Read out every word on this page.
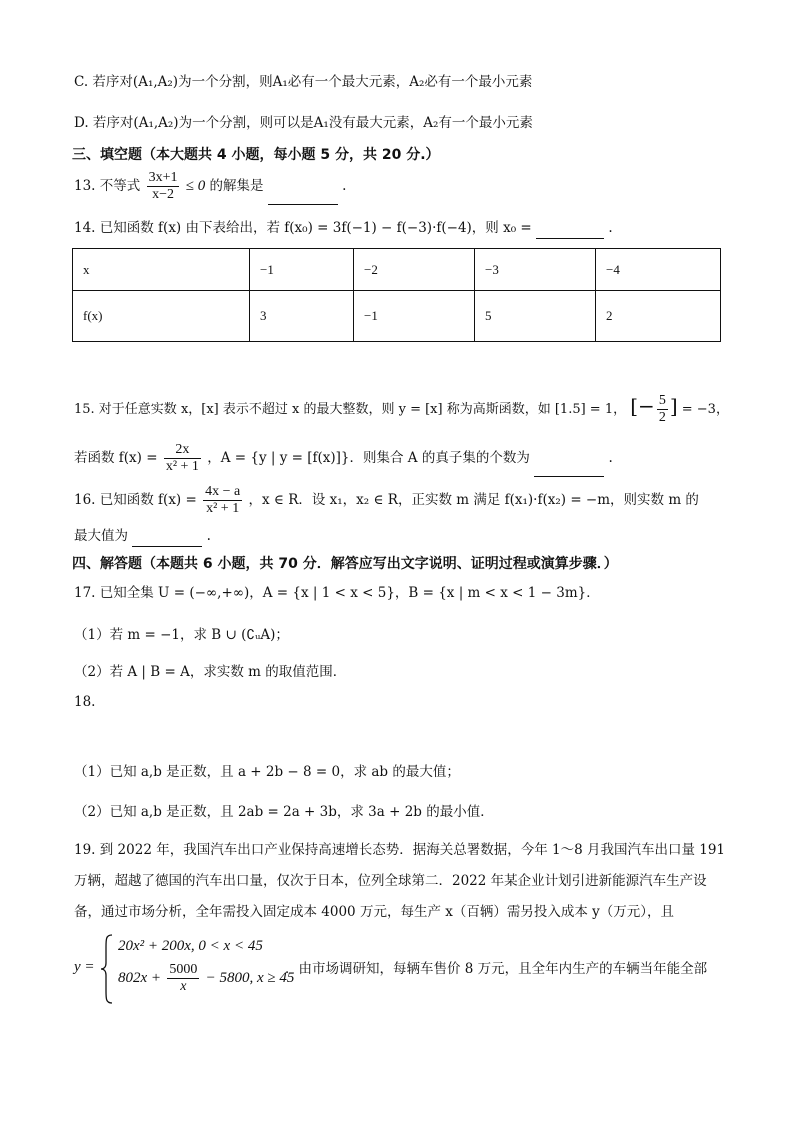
C. 若序对(A₁,A₂)为一个分割，则A₁必有一个最大元素，A₂必有一个最小元素
D. 若序对(A₁,A₂)为一个分割，则可以是A₁没有最大元素，A₂有一个最小元素
三、填空题（本大题共 4 小题，每小题 5 分，共 20 分.）
13. 不等式 $\frac{3x+1}{x-2} \le 0$ 的解集是	.
14. 已知函数 f(x) 由下表给出，若 f(x₀) = 3f(−1) − f(−3)·f(−4)，则 x₀ =	.
x	−1	−2	−3	−4
f(x)	3	−1	5	2
15. 对于任意实数 x，[x] 表示不超过 x 的最大整数，则 y = [x] 称为高斯函数，如 [1.5] = 1， [− $\frac{5}{2}$ ] = −3，
若函数 $f(x) = \frac{2x}{\text{x² + 1}}$ ，A = {y | y = [f(x)]}．则集合 A 的真子集的个数为	.
16. 已知函数 $f(x) = \frac{4x - a}{\text{x² + 1}}$ ，x ∈ R．设 x₁，x₂ ∈ R，正实数 m 满足 f(x₁)·f(x₂) = −m，则实数 m 的
最大值为	.
四、解答题（本题共 6 小题，共 70 分．解答应写出文字说明、证明过程或演算步骤．）
17. 已知全集 U = (−∞,+∞)，A = {x | 1 < x < 5}，B = {x | m < x < 1 − 3m}．
（1）若 m = −1，求 B ∪ (∁ᵤA)；
（2）若 A | B = A，求实数 m 的取值范围．
18.
（1）已知 a,b 是正数，且 a + 2b − 8 = 0，求 ab 的最大值；
（2）已知 a,b 是正数，且 2ab = 2a + 3b，求 3a + 2b 的最小值．
19. 到 2022 年，我国汽车出口产业保持高速增长态势．据海关总署数据，今年 1～8 月我国汽车出口量 191
万辆，超越了德国的汽车出口量，仅次于日本，位列全球第二．2022 年某企业计划引进新能源汽车生产设
备，通过市场分析，全年需投入固定成本 4000 万元，每生产 x（百辆）需另投入成本 y（万元），且
y =
20x² + 200x, 0 < x < 45
$802x + \frac{5000}{x} - 5800$, x ≥ 45
．由市场调研知，每辆车售价 8 万元，且全年内生产的车辆当年能全部
